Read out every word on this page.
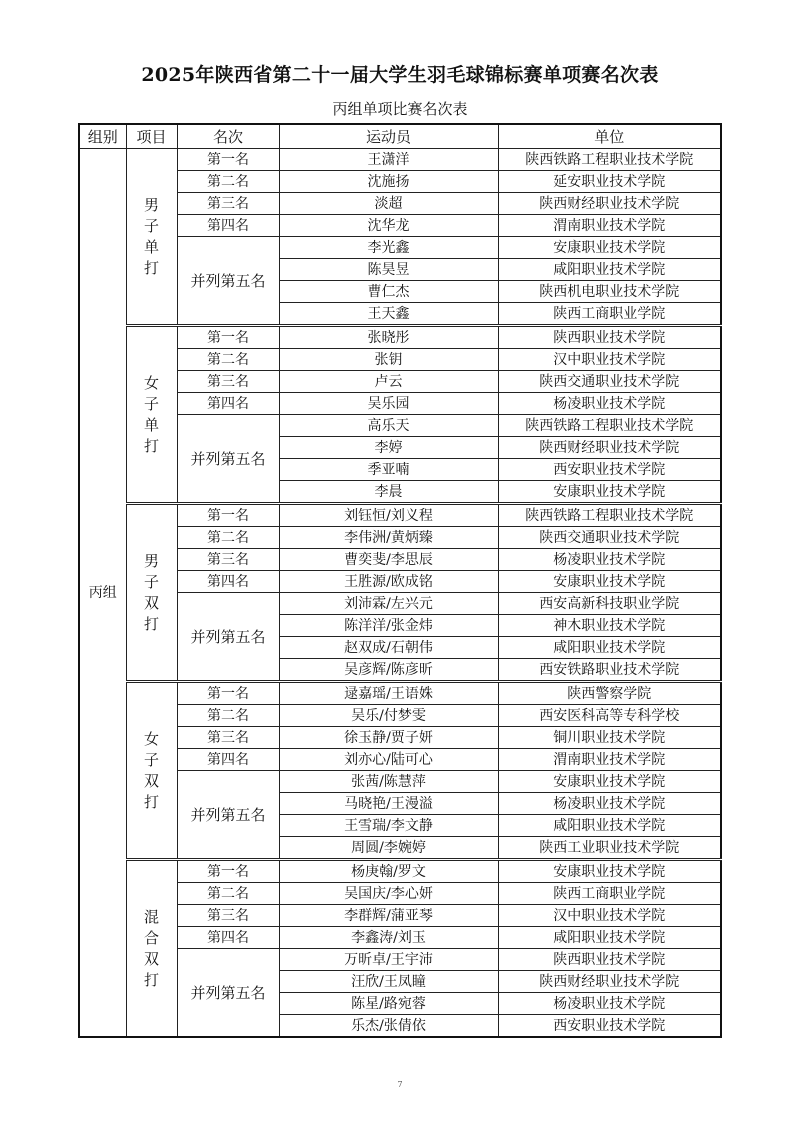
2025年陕西省第二十一届大学生羽毛球锦标赛单项赛名次表
丙组单项比赛名次表
组别	项目	名次	运动员	单位
丙组	男子单打	第一名	王潇洋	陕西铁路工程职业技术学院
		第二名	沈施扬	延安职业技术学院
		第三名	淡超	陕西财经职业技术学院
		第四名	沈华龙	渭南职业技术学院
		并列第五名	李光鑫	安康职业技术学院
			陈昊昱	咸阳职业技术学院
			曹仁杰	陕西机电职业技术学院
			王天鑫	陕西工商职业学院
	女子单打	第一名	张晓彤	陕西职业技术学院
		第二名	张钥	汉中职业技术学院
		第三名	卢云	陕西交通职业技术学院
		第四名	吴乐园	杨凌职业技术学院
		并列第五名	高乐天	陕西铁路工程职业技术学院
			李婷	陕西财经职业技术学院
			季亚喃	西安职业技术学院
			李晨	安康职业技术学院
	男子双打	第一名	刘钰恒/刘义程	陕西铁路工程职业技术学院
		第二名	李伟洲/黄炳臻	陕西交通职业技术学院
		第三名	曹奕斐/李思辰	杨凌职业技术学院
		第四名	王胜源/欧成铭	安康职业技术学院
		并列第五名	刘沛霖/左兴元	西安高新科技职业学院
			陈洋洋/张金炜	神木职业技术学院
			赵双成/石朝伟	咸阳职业技术学院
			吴彦辉/陈彦昕	西安铁路职业技术学院
	女子双打	第一名	逯嘉瑶/王语姝	陕西警察学院
		第二名	吴乐/付梦雯	西安医科高等专科学校
		第三名	徐玉静/贾子妍	铜川职业技术学院
		第四名	刘亦心/陆可心	渭南职业技术学院
		并列第五名	张茜/陈慧萍	安康职业技术学院
			马晓艳/王漫溢	杨凌职业技术学院
			王雪瑞/李文静	咸阳职业技术学院
			周圆/李婉婷	陕西工业职业技术学院
	混合双打	第一名	杨庚翰/罗文	安康职业技术学院
		第二名	吴国庆/李心妍	陕西工商职业学院
		第三名	李群辉/蒲亚琴	汉中职业技术学院
		第四名	李鑫涛/刘玉	咸阳职业技术学院
		并列第五名	万昕卓/王宇沛	陕西职业技术学院
			汪欣/王凤瞳	陕西财经职业技术学院
			陈星/路宛蓉	杨凌职业技术学院
			乐杰/张倩依	西安职业技术学院
7
